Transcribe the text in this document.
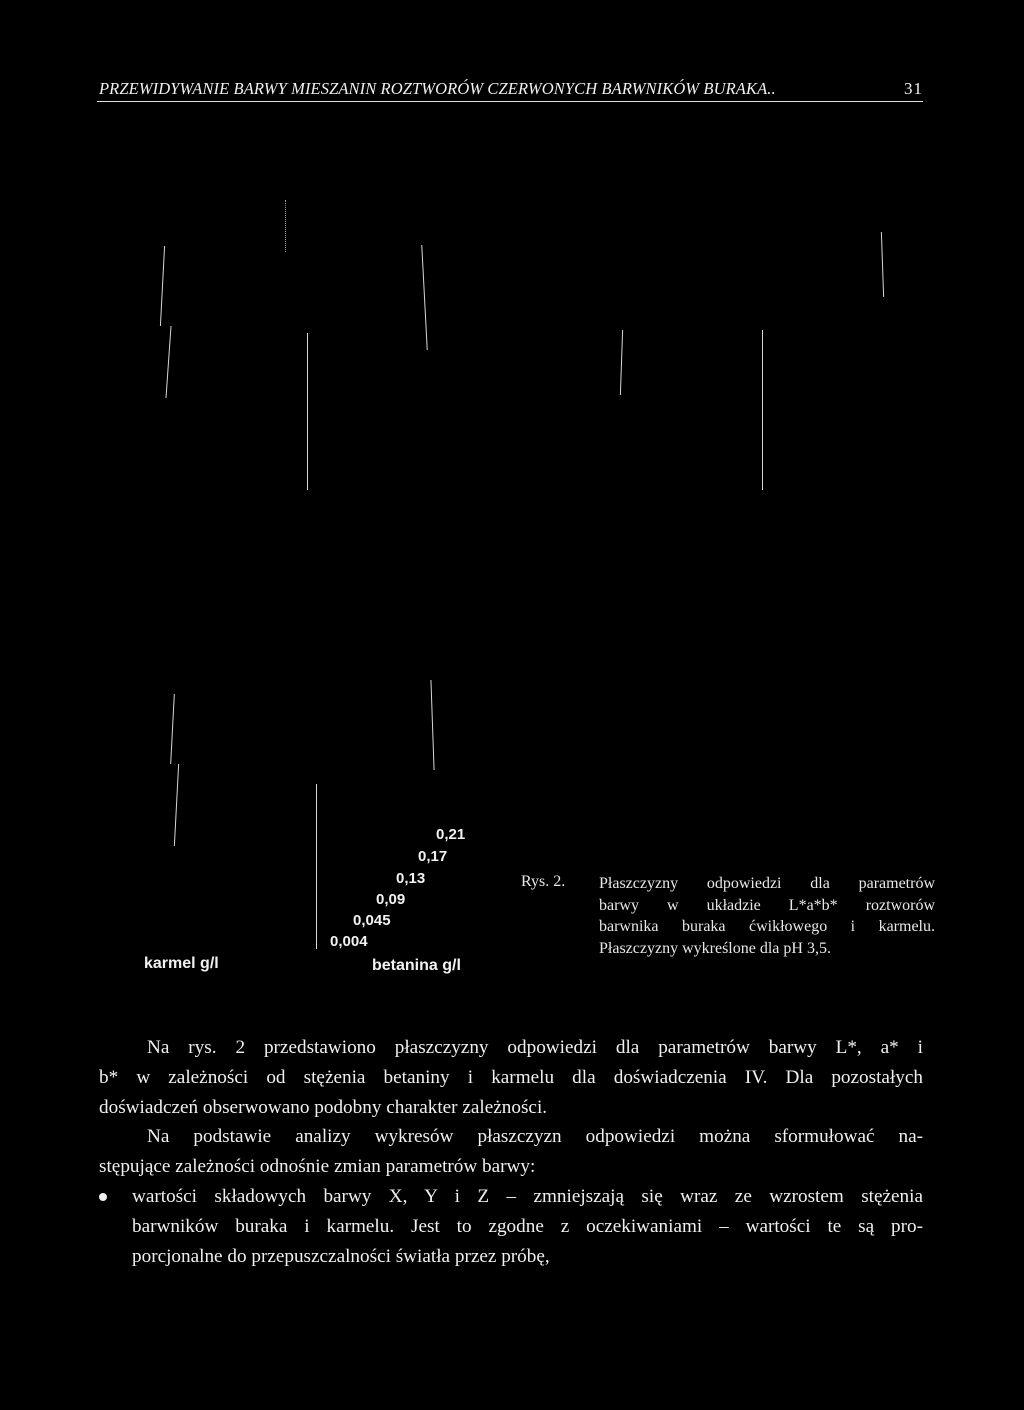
PRZEWIDYWANIE BARWY MIESZANIN ROZTWORÓW CZERWONYCH BARWNIKÓW BURAKA..	31
0,21
0,17
0,13
0,09
0,045
0,004
karmel g/l	betanina g/l
Rys. 2. Płaszczyzny odpowiedzi dla parametrów
barwy w układzie L*a*b* roztworów
barwnika buraka ćwikłowego i karmelu.
Płaszczyzny wykreślone dla pH 3,5.

Na rys. 2 przedstawiono płaszczyzny odpowiedzi dla parametrów barwy L*, a* i
b* w zależności od stężenia betaniny i karmelu dla doświadczenia IV. Dla pozostałych
doświadczeń obserwowano podobny charakter zależności.

Na podstawie analizy wykresów płaszczyzn odpowiedzi można sformułować na-
stępujące zależności odnośnie zmian parametrów barwy:

wartości składowych barwy X, Y i Z – zmniejszają się wraz ze wzrostem stężenia
barwników buraka i karmelu. Jest to zgodne z oczekiwaniami – wartości te są pro-
porcjonalne do przepuszczalności światła przez próbę,
